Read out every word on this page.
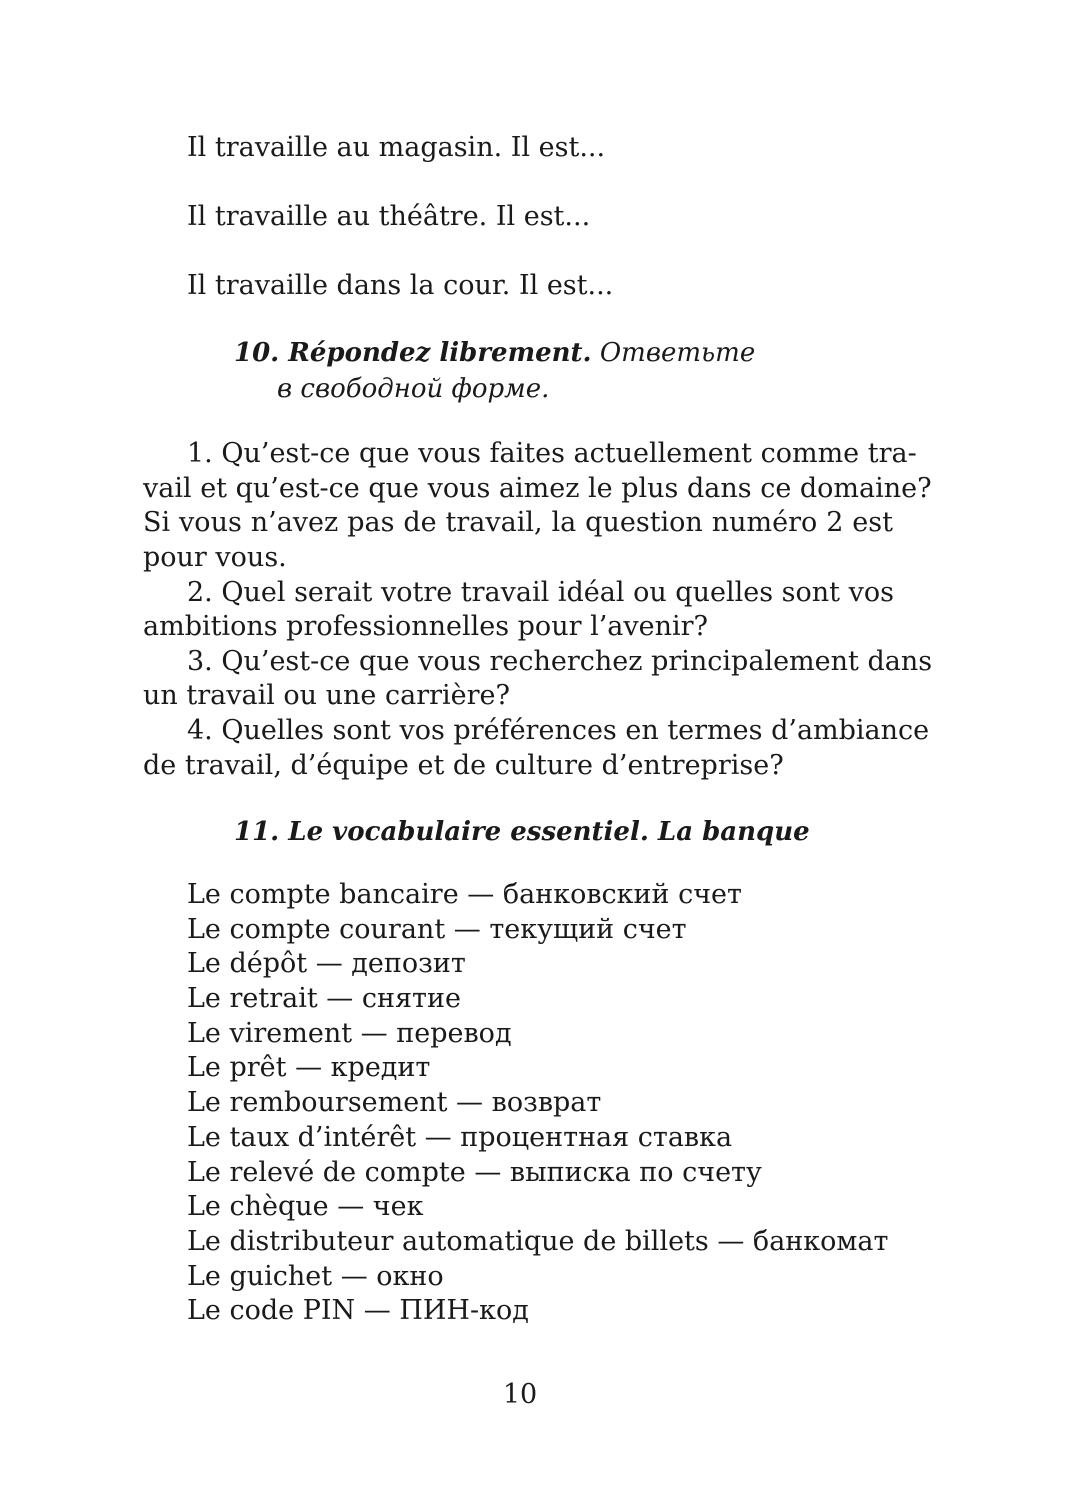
Il travaille au magasin. Il est...
Il travaille au théâtre. Il est...
Il travaille dans la cour. Il est...
10. Répondez librement. Ответьте
в свободной форме.
1. Qu’est-ce que vous faites actuellement comme tra-
vail et qu’est-ce que vous aimez le plus dans ce domaine?
Si vous n’avez pas de travail, la question numéro 2 est
pour vous.
2. Quel serait votre travail idéal ou quelles sont vos
ambitions professionnelles pour l’avenir?
3. Qu’est-ce que vous recherchez principalement dans
un travail ou une carrière?
4. Quelles sont vos préférences en termes d’ambiance
de travail, d’équipe et de culture d’entreprise?
11. Le vocabulaire essentiel. La banque
Le compte bancaire — банковский счет
Le compte courant — текущий счет
Le dépôt — депозит
Le retrait — снятие
Le virement — перевод
Le prêt — кредит
Le remboursement — возврат
Le taux d’intérêt — процентная ставка
Le relevé de compte — выписка по счету
Le chèque — чек
Le distributeur automatique de billets — банкомат
Le guichet — окно
Le code PIN — ПИН-код
10
